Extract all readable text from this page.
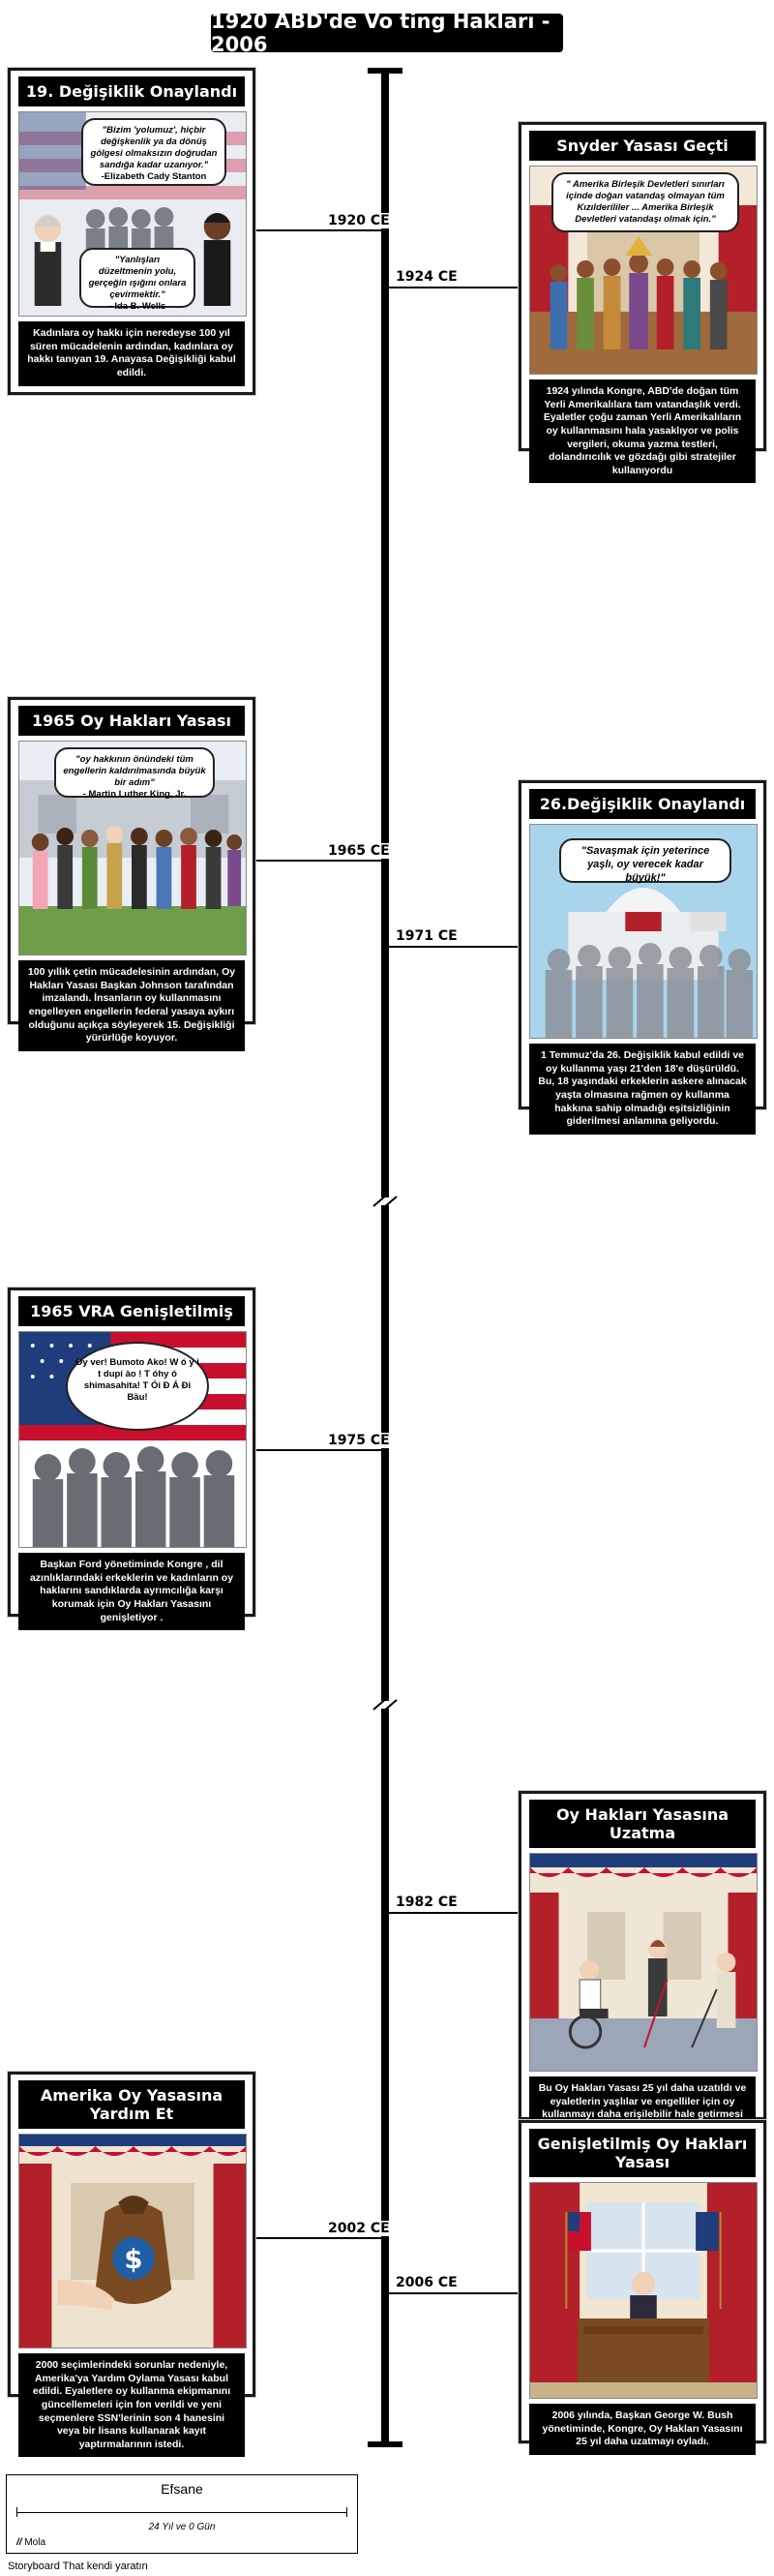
1920 ABD'de Vo ting Hakları - 2006
1920 CE
1924 CE
1965 CE
1971 CE
1975 CE
1982 CE
2002 CE
2006 CE
19. Değişiklik Onaylandı
"Bizim 'yolumuz', hiçbir değişkenlik ya da dönüş gölgesi olmaksızın doğrudan sandığa kadar uzanıyor."
-Elizabeth Cady Stanton
"Yanlışları düzeltmenin yolu, gerçeğin ışığını onlara çevirmektir."
- Ida B. Wells
Kadınlara oy hakkı için neredeyse 100 yıl süren mücadelenin ardından, kadınlara oy hakkı tanıyan 19. Anayasa Değişikliği kabul edildi.
Snyder Yasası Geçti
" Amerika Birleşik Devletleri sınırları içinde doğan vatandaş olmayan tüm Kızılderililer ... Amerika Birleşik Devletleri vatandaşı olmak için."
1924 yılında Kongre, ABD'de doğan tüm Yerli Amerikalılara tam vatandaşlık verdi. Eyaletler çoğu zaman Yerli Amerikalıların oy kullanmasını hala yasaklıyor ve polis vergileri, okuma yazma testleri, dolandırıcılık ve gözdağı gibi stratejiler kullanıyordu
1965 Oy Hakları Yasası
"oy hakkının önündeki tüm engellerin kaldırılmasında büyük bir adım"
- Martin Luther King, Jr.
100 yıllık çetin mücadelesinin ardından, Oy Hakları Yasası Başkan Johnson tarafından imzalandı. İnsanların oy kullanmasını engelleyen engellerin federal yasaya aykırı olduğunu açıkça söyleyerek 15. Değişikliği yürürlüğe koyuyor.
26.Değişiklik Onaylandı
"Savaşmak için yeterince yaşlı, oy verecek kadar büyük!"
1 Temmuz'da 26. Değişiklik kabul edildi ve oy kullanma yaşı 21'den 18'e düşürüldü. Bu, 18 yaşındaki erkeklerin askere alınacak yaşta olmasına rağmen oy kullanma hakkına sahip olmadığı eşitsizliğinin giderilmesi anlamına geliyordu.
1965 VRA Genişletilmiş
Oy ver! Bumoto Ako! W ó y i t dupí ào ! T óhy ó shimasahita! T Ói Ð Á Ði Bầu!
Başkan Ford yönetiminde Kongre , dil azınlıklarındaki erkeklerin ve kadınların oy haklarını sandıklarda ayrımcılığa karşı korumak için Oy Hakları Yasasını genişletiyor .
Oy Hakları Yasasına Uzatma
Bu Oy Hakları Yasası 25 yıl daha uzatıldı ve eyaletlerin yaşlılar ve engelliler için oy kullanmayı daha erişilebilir hale getirmesi
Amerika Oy Yasasına Yardım Et
$
2000 seçimlerindeki sorunlar nedeniyle, Amerika'ya Yardım Oylama Yasası kabul edildi. Eyaletlere oy kullanma ekipmanını güncellemeleri için fon verildi ve yeni seçmenlere SSN'lerinin son 4 hanesini veya bir lisans kullanarak kayıt yaptırmalarının istedi.
Genişletilmiş Oy Hakları Yasası
2006 yılında, Başkan George W. Bush yönetiminde, Kongre, Oy Hakları Yasasını 25 yıl daha uzatmayı oyladı.
Efsane
24 Yıl ve 0 Gün
// Mola
Storyboard That kendi yaratın
